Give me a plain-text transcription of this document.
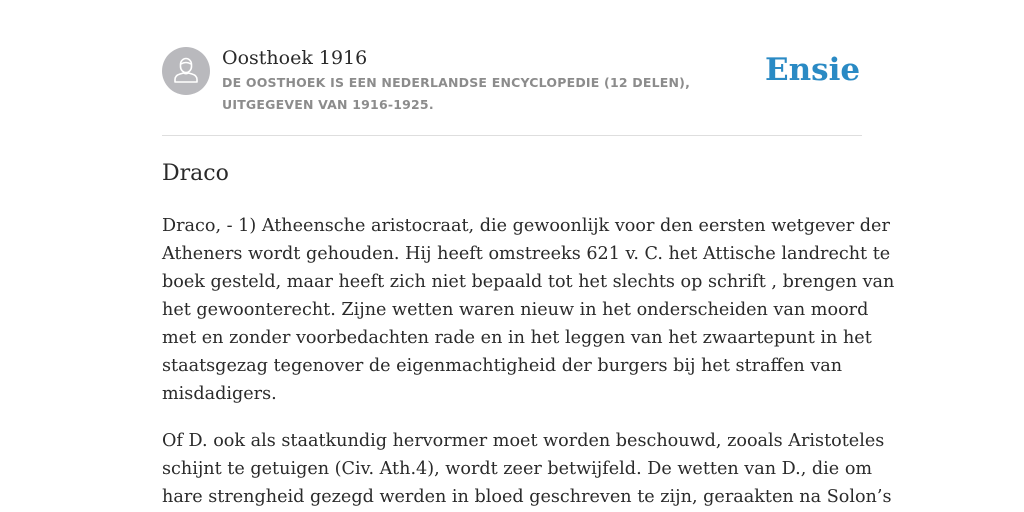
Oosthoek 1916
DE OOSTHOEK IS EEN NEDERLANDSE ENCYCLOPEDIE (12 DELEN), UITGEGEVEN VAN 1916-1925.
Ensie
Draco

Draco, - 1) Atheensche aristocraat, die gewoonlijk voor den eersten wetgever der
Atheners wordt gehouden. Hij heeft omstreeks 621 v. C. het Attische landrecht te
boek gesteld, maar heeft zich niet bepaald tot het slechts op schrift , brengen van
het gewoonterecht. Zijne wetten waren nieuw in het onderscheiden van moord
met en zonder voorbedachten rade en in het leggen van het zwaartepunt in het
staatsgezag tegenover de eigenmachtigheid der burgers bij het straffen van
misdadigers.

Of D. ook als staatkundig hervormer moet worden beschouwd, zooals Aristoteles
schijnt te getuigen (Civ. Ath.4), wordt zeer betwijfeld. De wetten van D., die om
hare strengheid gezegd werden in bloed geschreven te zijn, geraakten na Solon’s
